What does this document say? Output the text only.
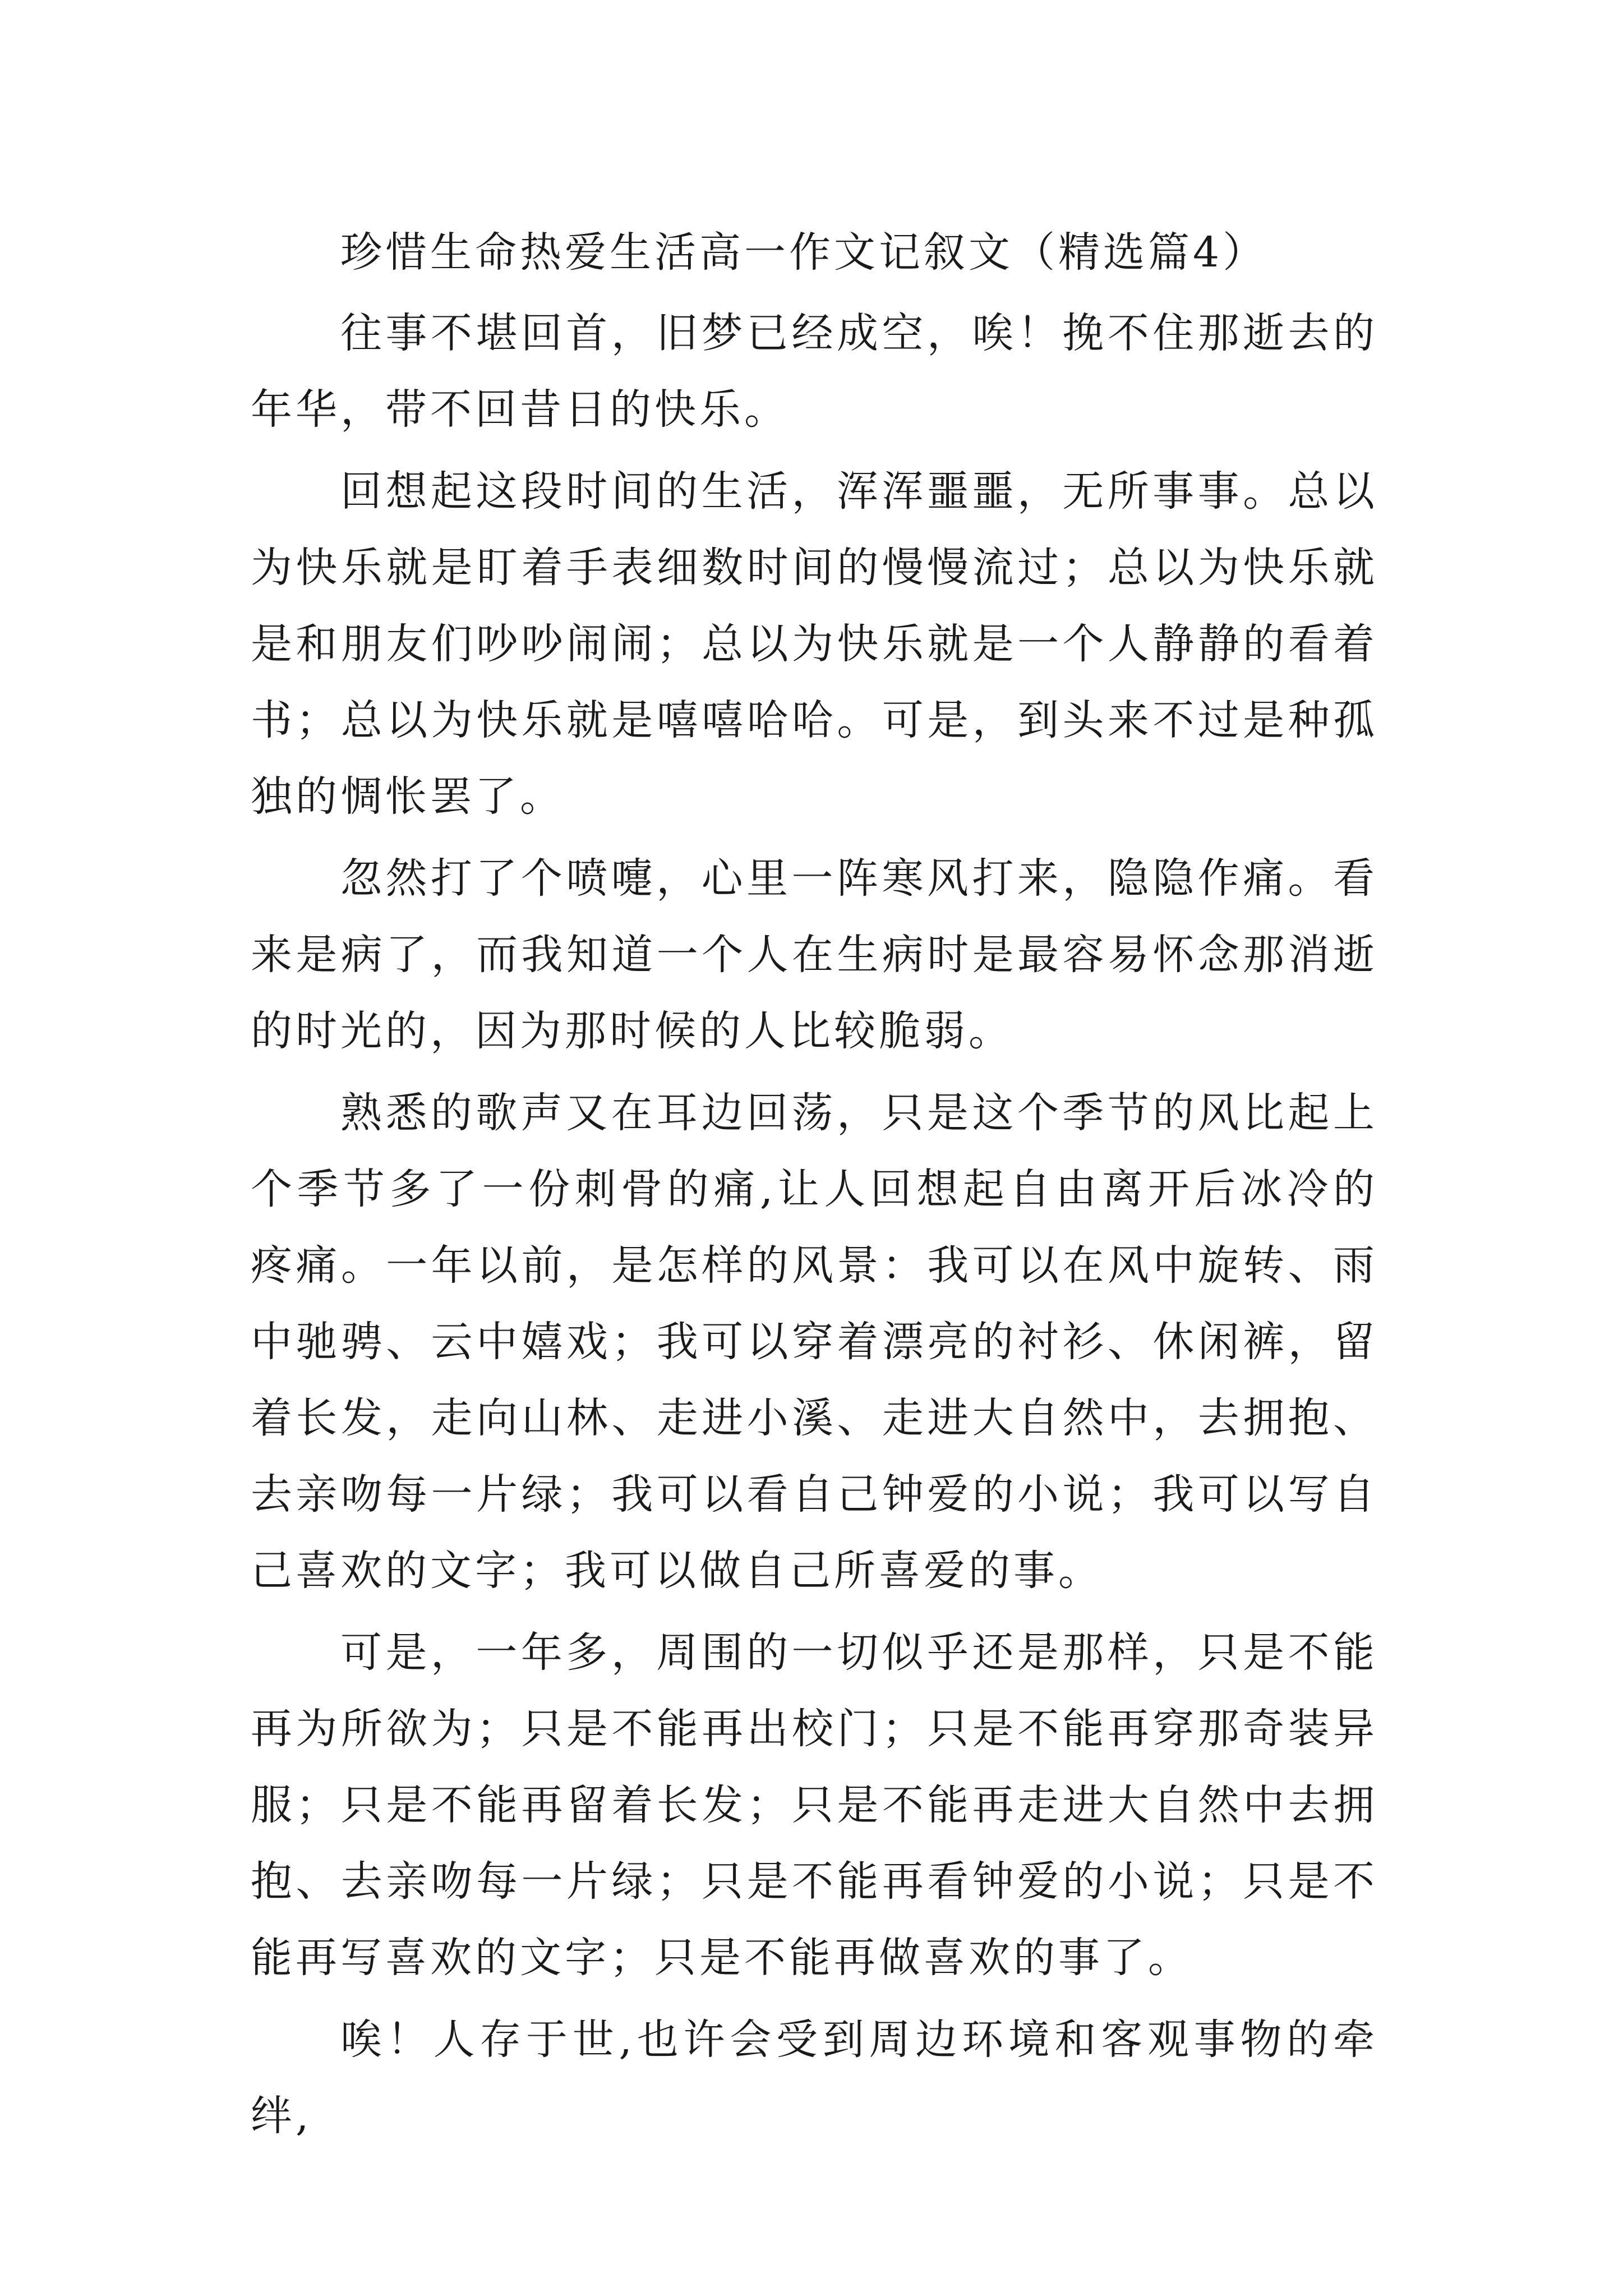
珍惜生命热爱生活高一作文记叙文（精选篇4）

往事不堪回首，旧梦已经成空，唉！挽不住那逝去的年华，带不回昔日的快乐。

回想起这段时间的生活，浑浑噩噩，无所事事。总以为快乐就是盯着手表细数时间的慢慢流过；总以为快乐就是和朋友们吵吵闹闹；总以为快乐就是一个人静静的看着书；总以为快乐就是嘻嘻哈哈。可是，到头来不过是种孤独的惆怅罢了。

忽然打了个喷嚏，心里一阵寒风打来，隐隐作痛。看来是病了，而我知道一个人在生病时是最容易怀念那消逝的时光的，因为那时候的人比较脆弱。

熟悉的歌声又在耳边回荡，只是这个季节的风比起上个季节多了一份刺骨的痛,让人回想起自由离开后冰冷的疼痛。一年以前，是怎样的风景：我可以在风中旋转、雨中驰骋、云中嬉戏；我可以穿着漂亮的衬衫、休闲裤，留着长发，走向山林、走进小溪、走进大自然中，去拥抱、去亲吻每一片绿；我可以看自己钟爱的小说；我可以写自己喜欢的文字；我可以做自己所喜爱的事。

可是，一年多，周围的一切似乎还是那样，只是不能再为所欲为；只是不能再出校门；只是不能再穿那奇装异服；只是不能再留着长发；只是不能再走进大自然中去拥抱、去亲吻每一片绿；只是不能再看钟爱的小说；只是不能再写喜欢的文字；只是不能再做喜欢的事了。

唉！人存于世,也许会受到周边环境和客观事物的牵绊,
